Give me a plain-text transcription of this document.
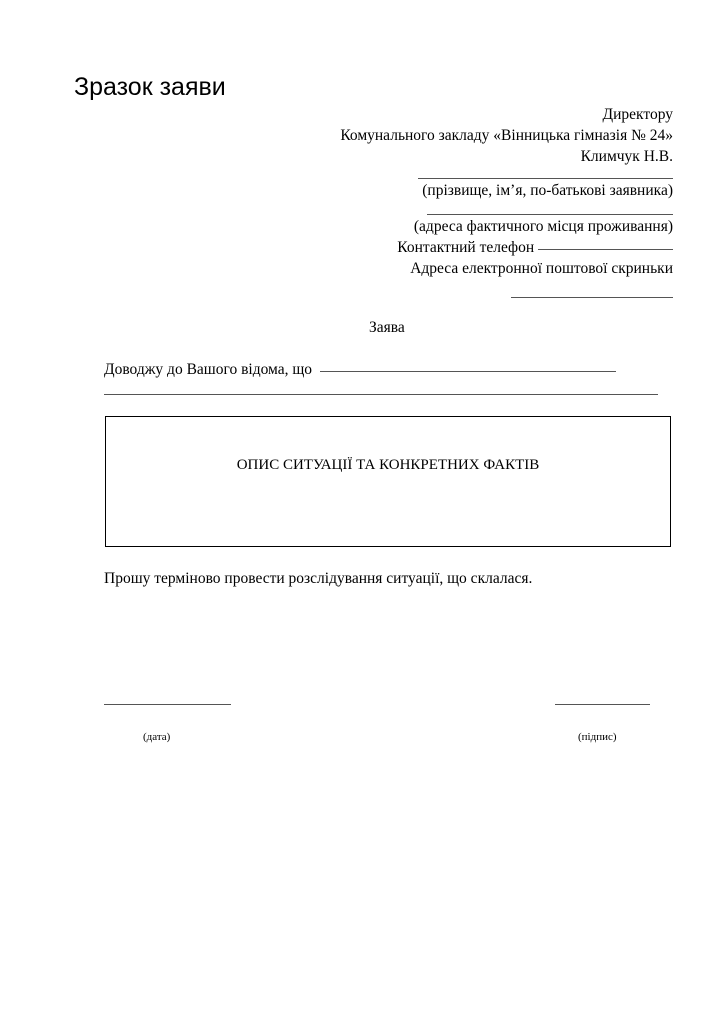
Зразок заяви
Директору
Комунального закладу «Вінницька гімназія № 24»
Климчук Н.В.
(прізвище, ім’я, по-батькові заявника)
(адреса фактичного місця проживання)
Контактний телефон
Адреса електронної поштової скриньки
Заява
Доводжу до Вашого відома, що
ОПИС СИТУАЦІЇ ТА КОНКРЕТНИХ ФАКТІВ
Прошу терміново провести розслідування ситуації, що склалася.
(дата)	(підпис)
